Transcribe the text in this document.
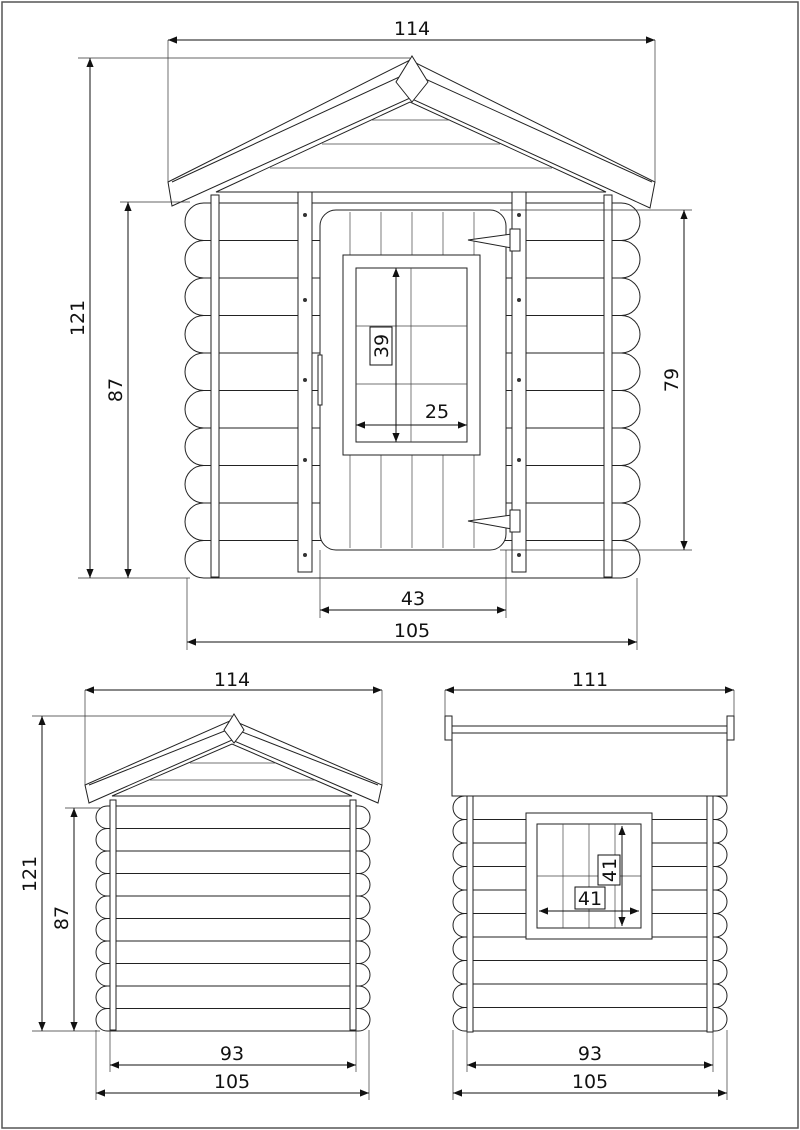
114
121
87	79
39
25
43
105
114
121
87
93
105
111
41
41
93
105
